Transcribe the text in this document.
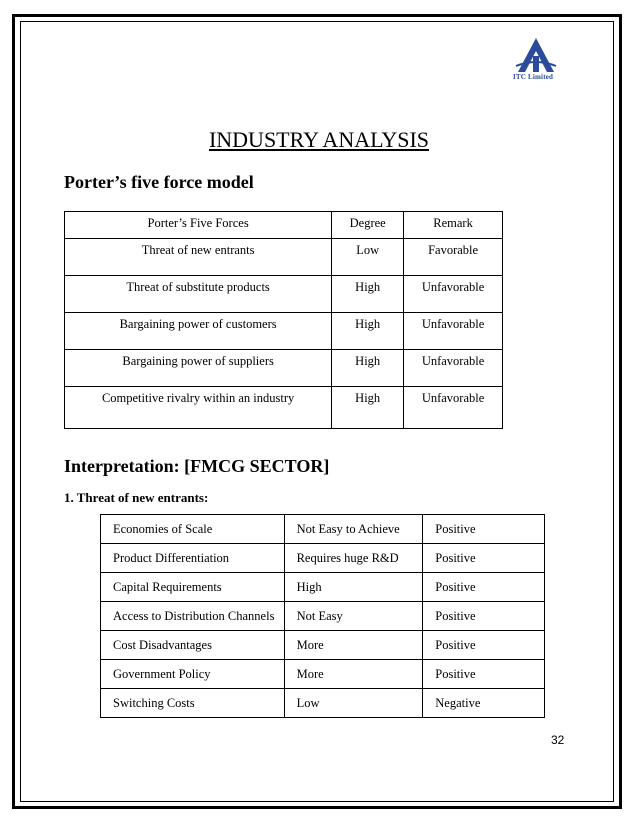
ITC Limited
INDUSTRY ANALYSIS
Porter’s five force model
Porter’s Five Forces	Degree	Remark
Threat of new entrants	Low	Favorable
Threat of substitute products	High	Unfavorable
Bargaining power of customers	High	Unfavorable
Bargaining power of suppliers	High	Unfavorable
Competitive rivalry within an industry	High	Unfavorable
Interpretation: [FMCG SECTOR]
1. Threat of new entrants:
Economies of Scale	Not Easy to Achieve	Positive
Product Differentiation	Requires huge R&D	Positive
Capital Requirements	High	Positive
Access to Distribution Channels	Not Easy	Positive
Cost Disadvantages	More	Positive
Government Policy	More	Positive
Switching Costs	Low	Negative
32
